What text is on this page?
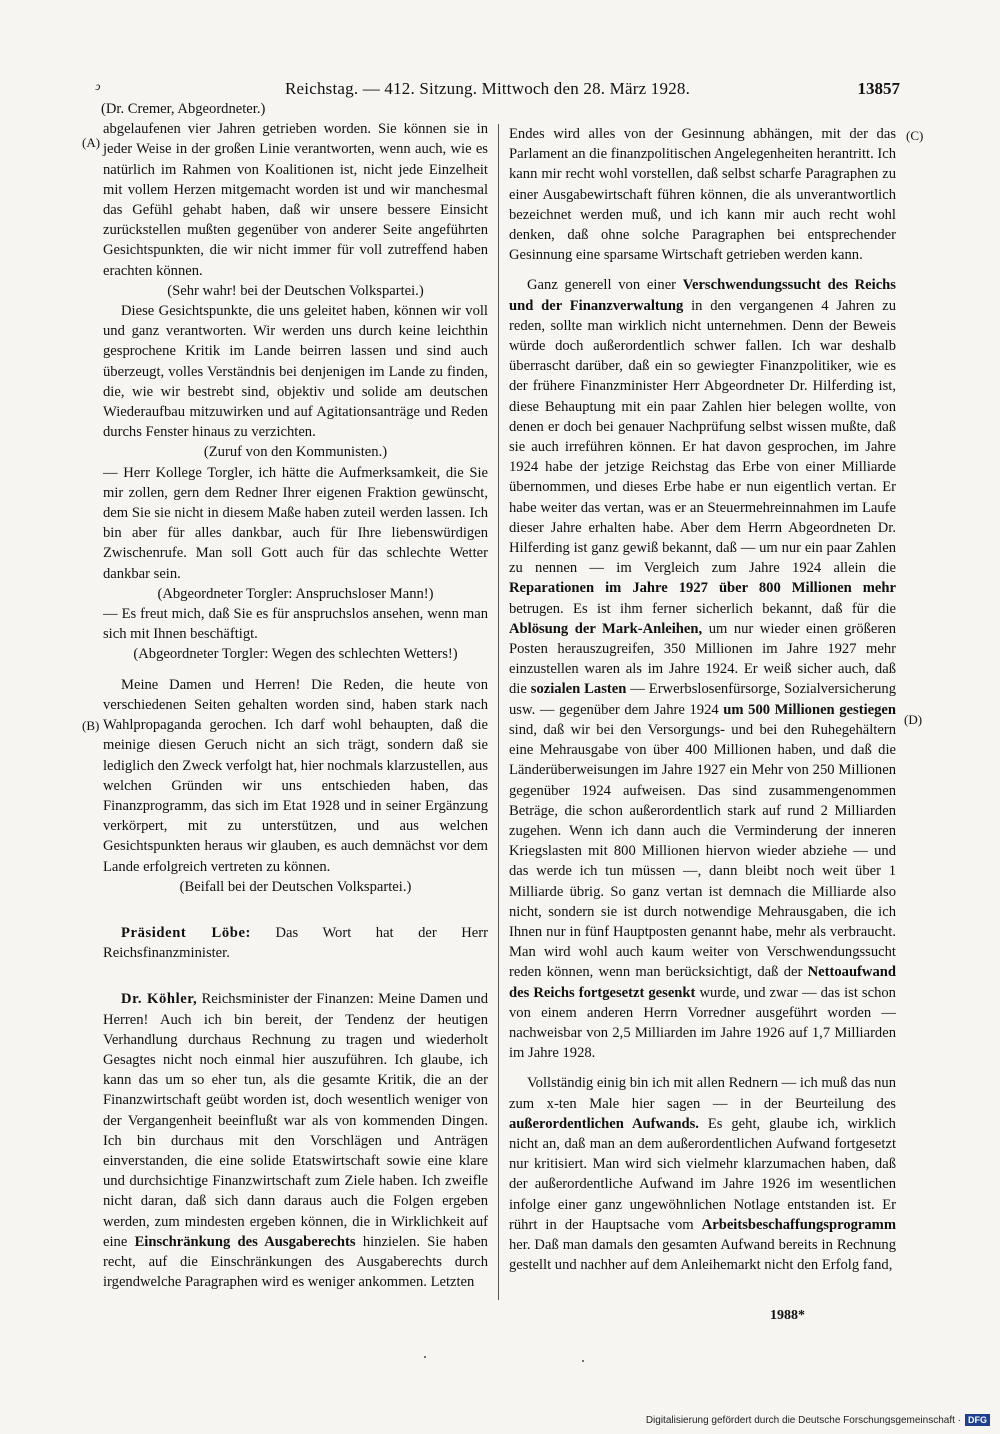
ↄ	Reichstag. — 412. Sitzung. Mittwoch den 28. März 1928.	13857
(A)
(B)
(C)
(D)

(Dr. Cremer, Abgeordneter.)

abgelaufenen vier Jahren getrieben worden. Sie können sie in jeder Weise in der großen Linie verantworten, wenn auch, wie es natürlich im Rahmen von Koalitionen ist, nicht jede Einzelheit mit vollem Herzen mitgemacht worden ist und wir manchesmal das Gefühl gehabt haben, daß wir unsere bessere Einsicht zurückstellen mußten gegenüber von anderer Seite angeführten Gesichtspunkten, die wir nicht immer für voll zutreffend haben erachten können.

(Sehr wahr! bei der Deutschen Volkspartei.)

Diese Gesichtspunkte, die uns geleitet haben, können wir voll und ganz verantworten. Wir werden uns durch keine leichthin gesprochene Kritik im Lande beirren lassen und sind auch überzeugt, volles Verständnis bei denjenigen im Lande zu finden, die, wie wir bestrebt sind, objektiv und solide am deutschen Wiederaufbau mitzuwirken und auf Agitationsanträge und Reden durchs Fenster hinaus zu verzichten.

(Zuruf von den Kommunisten.)

— Herr Kollege Torgler, ich hätte die Aufmerksamkeit, die Sie mir zollen, gern dem Redner Ihrer eigenen Fraktion gewünscht, dem Sie sie nicht in diesem Maße haben zuteil werden lassen. Ich bin aber für alles dankbar, auch für Ihre liebenswürdigen Zwischenrufe. Man soll Gott auch für das schlechte Wetter dankbar sein.

(Abgeordneter Torgler: Anspruchsloser Mann!)

— Es freut mich, daß Sie es für anspruchslos ansehen, wenn man sich mit Ihnen beschäftigt.

(Abgeordneter Torgler: Wegen des schlechten Wetters!)

Meine Damen und Herren! Die Reden, die heute von verschiedenen Seiten gehalten worden sind, haben stark nach Wahlpropaganda gerochen. Ich darf wohl behaupten, daß die meinige diesen Geruch nicht an sich trägt, sondern daß sie lediglich den Zweck verfolgt hat, hier nochmals klarzustellen, aus welchen Gründen wir uns entschieden haben, das Finanzprogramm, das sich im Etat 1928 und in seiner Ergänzung verkörpert, mit zu unterstützen, und aus welchen Gesichtspunkten heraus wir glauben, es auch demnächst vor dem Lande erfolgreich vertreten zu können.

(Beifall bei der Deutschen Volkspartei.)

Präsident Löbe: Das Wort hat der Herr Reichsfinanzminister.

Dr. Köhler, Reichsminister der Finanzen: Meine Damen und Herren! Auch ich bin bereit, der Tendenz der heutigen Verhandlung durchaus Rechnung zu tragen und wiederholt Gesagtes nicht noch einmal hier auszuführen. Ich glaube, ich kann das um so eher tun, als die gesamte Kritik, die an der Finanzwirtschaft geübt worden ist, doch wesentlich weniger von der Vergangenheit beeinflußt war als von kommenden Dingen. Ich bin durchaus mit den Vorschlägen und Anträgen einverstanden, die eine solide Etatswirtschaft sowie eine klare und durchsichtige Finanzwirtschaft zum Ziele haben. Ich zweifle nicht daran, daß sich dann daraus auch die Folgen ergeben werden, zum mindesten ergeben können, die in Wirklichkeit auf eine Einschränkung des Ausgaberechts hinzielen. Sie haben recht, auf die Einschränkungen des Ausgaberechts durch irgendwelche Paragraphen wird es weniger ankommen. Letzten

Endes wird alles von der Gesinnung abhängen, mit der das Parlament an die finanzpolitischen Angelegenheiten herantritt. Ich kann mir recht wohl vorstellen, daß selbst scharfe Paragraphen zu einer Ausgabewirtschaft führen können, die als unverantwortlich bezeichnet werden muß, und ich kann mir auch recht wohl denken, daß ohne solche Paragraphen bei entsprechender Gesinnung eine sparsame Wirtschaft getrieben werden kann.

Ganz generell von einer Verschwendungssucht des Reichs und der Finanzverwaltung in den vergangenen 4 Jahren zu reden, sollte man wirklich nicht unternehmen. Denn der Beweis würde doch außerordentlich schwer fallen. Ich war deshalb überrascht darüber, daß ein so gewiegter Finanzpolitiker, wie es der frühere Finanzminister Herr Abgeordneter Dr. Hilferding ist, diese Behauptung mit ein paar Zahlen hier belegen wollte, von denen er doch bei genauer Nachprüfung selbst wissen mußte, daß sie auch irreführen können. Er hat davon gesprochen, im Jahre 1924 habe der jetzige Reichstag das Erbe von einer Milliarde übernommen, und dieses Erbe habe er nun eigentlich vertan. Er habe weiter das vertan, was er an Steuermehreinnahmen im Laufe dieser Jahre erhalten habe. Aber dem Herrn Abgeordneten Dr. Hilferding ist ganz gewiß bekannt, daß — um nur ein paar Zahlen zu nennen — im Vergleich zum Jahre 1924 allein die Reparationen im Jahre 1927 über 800 Millionen mehr betrugen. Es ist ihm ferner sicherlich bekannt, daß für die Ablösung der Mark-Anleihen, um nur wieder einen größeren Posten herauszugreifen, 350 Millionen im Jahre 1927 mehr einzustellen waren als im Jahre 1924. Er weiß sicher auch, daß die sozialen Lasten — Erwerbslosenfürsorge, Sozialversicherung usw. — gegenüber dem Jahre 1924 um 500 Millionen gestiegen sind, daß wir bei den Versorgungs- und bei den Ruhegehältern eine Mehrausgabe von über 400 Millionen haben, und daß die Länderüberweisungen im Jahre 1927 ein Mehr von 250 Millionen gegenüber 1924 aufweisen. Das sind zusammengenommen Beträge, die schon außerordentlich stark auf rund 2 Milliarden zugehen. Wenn ich dann auch die Verminderung der inneren Kriegslasten mit 800 Millionen hiervon wieder abziehe — und das werde ich tun müssen —, dann bleibt noch weit über 1 Milliarde übrig. So ganz vertan ist demnach die Milliarde also nicht, sondern sie ist durch notwendige Mehrausgaben, die ich Ihnen nur in fünf Hauptposten genannt habe, mehr als verbraucht. Man wird wohl auch kaum weiter von Verschwendungssucht reden können, wenn man berücksichtigt, daß der Nettoaufwand des Reichs fortgesetzt gesenkt wurde, und zwar — das ist schon von einem anderen Herrn Vorredner ausgeführt worden — nachweisbar von 2,5 Milliarden im Jahre 1926 auf 1,7 Milliarden im Jahre 1928.

Vollständig einig bin ich mit allen Rednern — ich muß das nun zum x-ten Male hier sagen — in der Beurteilung des außerordentlichen Aufwands. Es geht, glaube ich, wirklich nicht an, daß man an dem außerordentlichen Aufwand fortgesetzt nur kritisiert. Man wird sich vielmehr klarzumachen haben, daß der außerordentliche Aufwand im Jahre 1926 im wesentlichen infolge einer ganz ungewöhnlichen Notlage entstanden ist. Er rührt in der Hauptsache vom Arbeitsbeschaffungsprogramm her. Daß man damals den gesamten Aufwand bereits in Rechnung gestellt und nachher auf dem Anleihemarkt nicht den Erfolg fand,

1988*
Digitalisierung gefördert durch die Deutsche Forschungsgemeinschaft · DFG
